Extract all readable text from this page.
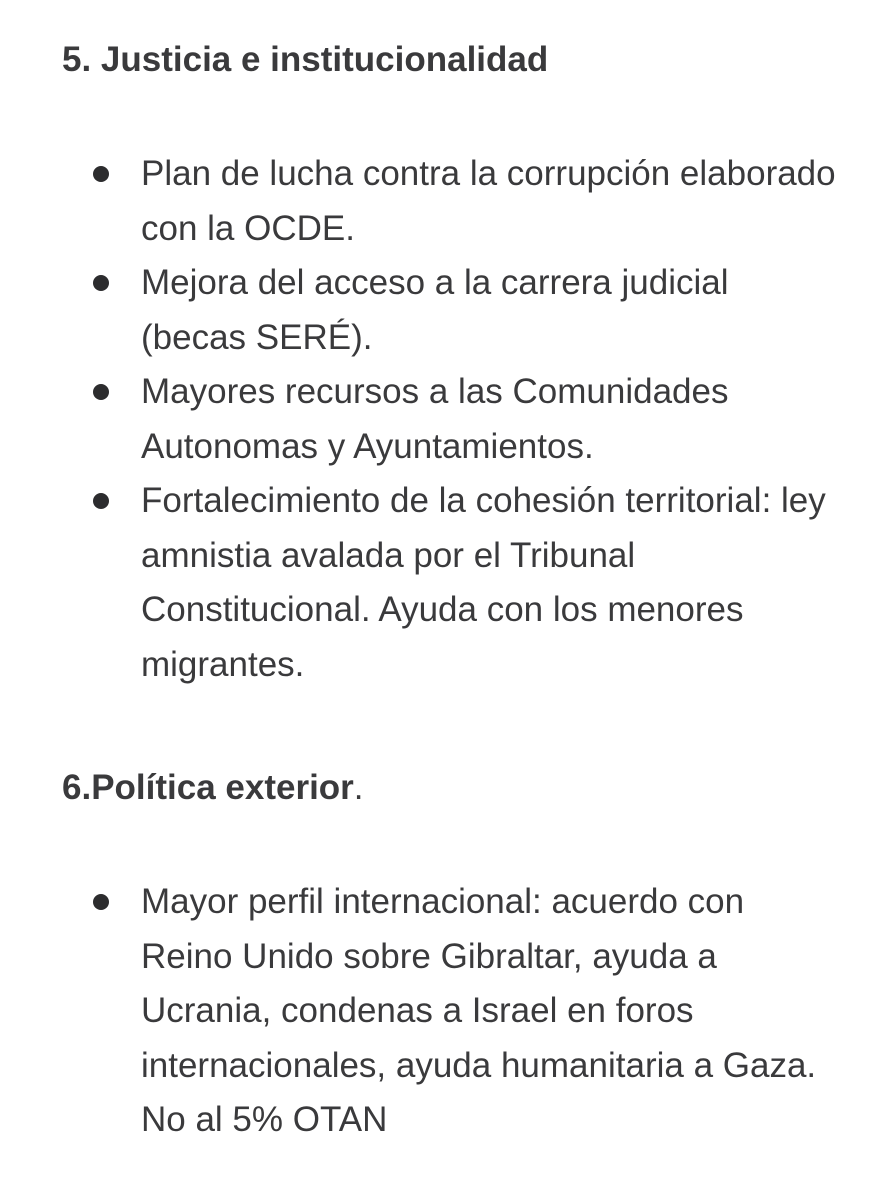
5. Justicia e institucionalidad
Plan de lucha contra la corrupción elaborado con la OCDE.
Mejora del acceso a la carrera judicial (becas SERÉ).
Mayores recursos a las Comunidades Autonomas y Ayuntamientos.
Fortalecimiento de la cohesión territorial: ley amnistia avalada por el Tribunal Constitucional. Ayuda con los menores migrantes.
6.Política exterior.
Mayor perfil internacional: acuerdo con Reino Unido sobre Gibraltar, ayuda a Ucrania, condenas a Israel en foros internacionales, ayuda humanitaria a Gaza. No al 5% OTAN
